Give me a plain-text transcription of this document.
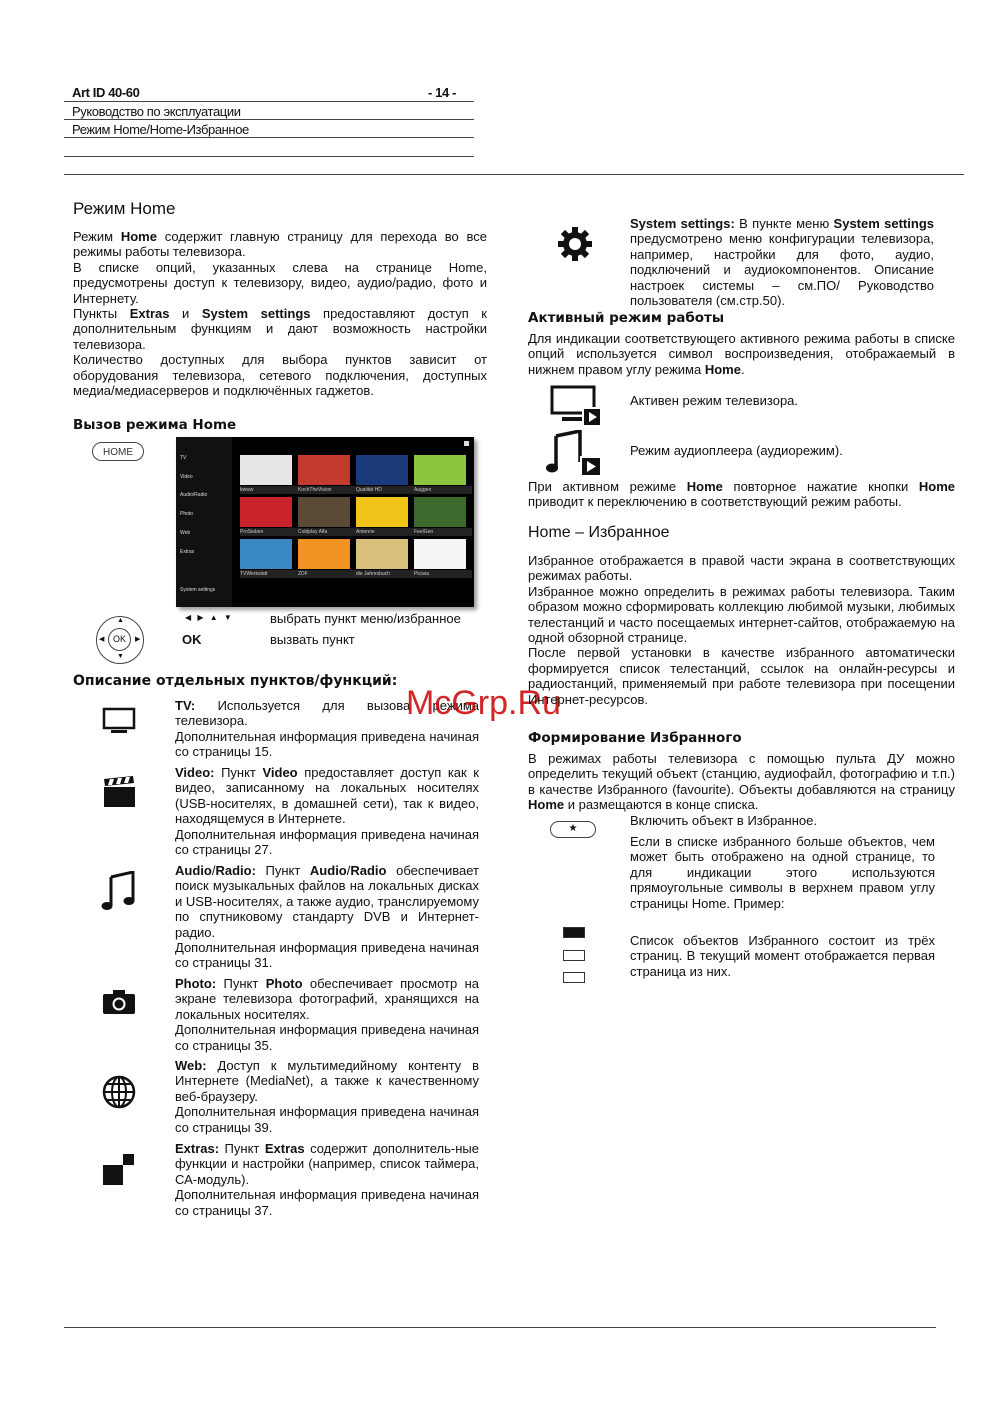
Art ID 40-60	- 14 -
Руководство по эксплуатации
Режим Home/Home-Избранное
Режим Home
Режим Home содержит главную страницу для перехода во все режимы работы телевизора.
В списке опций, указанных слева на странице Home, предусмотрены доступ к телевизору, видео, аудио/радио, фото и Интернету.
Пункты Extras и System settings предоставляют доступ к дополнительным функциям и дают возможность настройки телевизора.
Количество доступных для выбора пунктов зависит от оборудования телевизора, сетевого подключения, доступных медиа/медиасерверов и подключённых гаджетов.
Вызов режима Home
HOME	TV
Video
Audio/Radio
Photo
Web
Extras
System settings
kwww	KochTheVision	Qualität HD	Auggeo
ProSieben	Coldplay Alfa	Antenne	FeelGen
TVWerkstatt	ZDF	die Jahresbuch	Picasa
OK
▲
▼
◀	▶
◀ ▶ ▲ ▼	выбрать пункт меню/избранное
OK	вызвать пункт
Описание отдельных пунктов/функций:
TV: Используется для вызова режима телевизора.
Дополнительная информация приведена начиная со страницы 15.
Video: Пункт Video предоставляет доступ как к видео, записанному на локальных носителях (USB-носителях, в домашней сети), так к видео, находящемуся в Интернете.
Дополнительная информация приведена начиная со страницы 27.
Audio/Radio: Пункт Audio/Radio обеспечивает поиск музыкальных файлов на локальных дисках и USB-носителях, а также аудио, транслируемому по спутниковому стандарту DVB и Интернет-радио.
Дополнительная информация приведена начиная со страницы 31.
Photo: Пункт Photo обеспечивает просмотр на экране телевизора фотографий, хранящихся на локальных носителях.
Дополнительная информация приведена начиная со страницы 35.
Web: Доступ к мультимедийному контенту в Интернете (MediaNet), а также к качественному веб-браузеру.
Дополнительная информация приведена начиная со страницы 39.
Extras: Пункт Extras содержит дополнитель-ные функции и настройки (например, список таймера, СА-модуль).
Дополнительная информация приведена начиная со страницы 37.
McGrp.Ru
System settings: В пункте меню System settings предусмотрено меню конфигурации телевизора, например, настройки для фото, аудио, подключений и аудиокомпонентов. Описание настроек системы – см.ПО/ Руководство пользователя (см.стр.50).
Активный режим работы
Для индикации соответствующего активного режима работы в списке опций используется символ воспроизведения, отображаемый в нижнем правом углу режима Home.
Активен режим телевизора.
Режим аудиоплеера (аудиорежим).
При активном режиме Home повторное нажатие кнопки Home приводит к переключению в соответствующий режим работы.
Home – Избранное
Избранное отображается в правой части экрана в соответствующих режимах работы.
Избранное можно определить в режимах работы телевизора. Таким образом можно сформировать коллекцию любимой музыки, любимых телестанций и часто посещаемых интернет-сайтов, отображаемую на одной обзорной странице.
После первой установки в качестве избранного автоматически формируется список телестанций, ссылок на онлайн-ресурсы и радиостанций, применяемый при работе телевизора при посещении Интернет-ресурсов.
Формирование Избранного
В режимах работы телевизора с помощью пульта ДУ можно определить текущий объект (станцию, аудиофайл, фотографию и т.п.) в качестве Избранного (favourite). Объекты добавляются на страницу Home и размещаются в конце списка.
★
Включить объект в Избранное.
Если в списке избранного больше объектов, чем может быть отображено на одной странице, то для индикации этого используются прямоугольные символы в верхнем правом углу страницы Home. Пример:
Список объектов Избранного состоит из трёх страниц. В текущий момент отображается первая страница из них.
